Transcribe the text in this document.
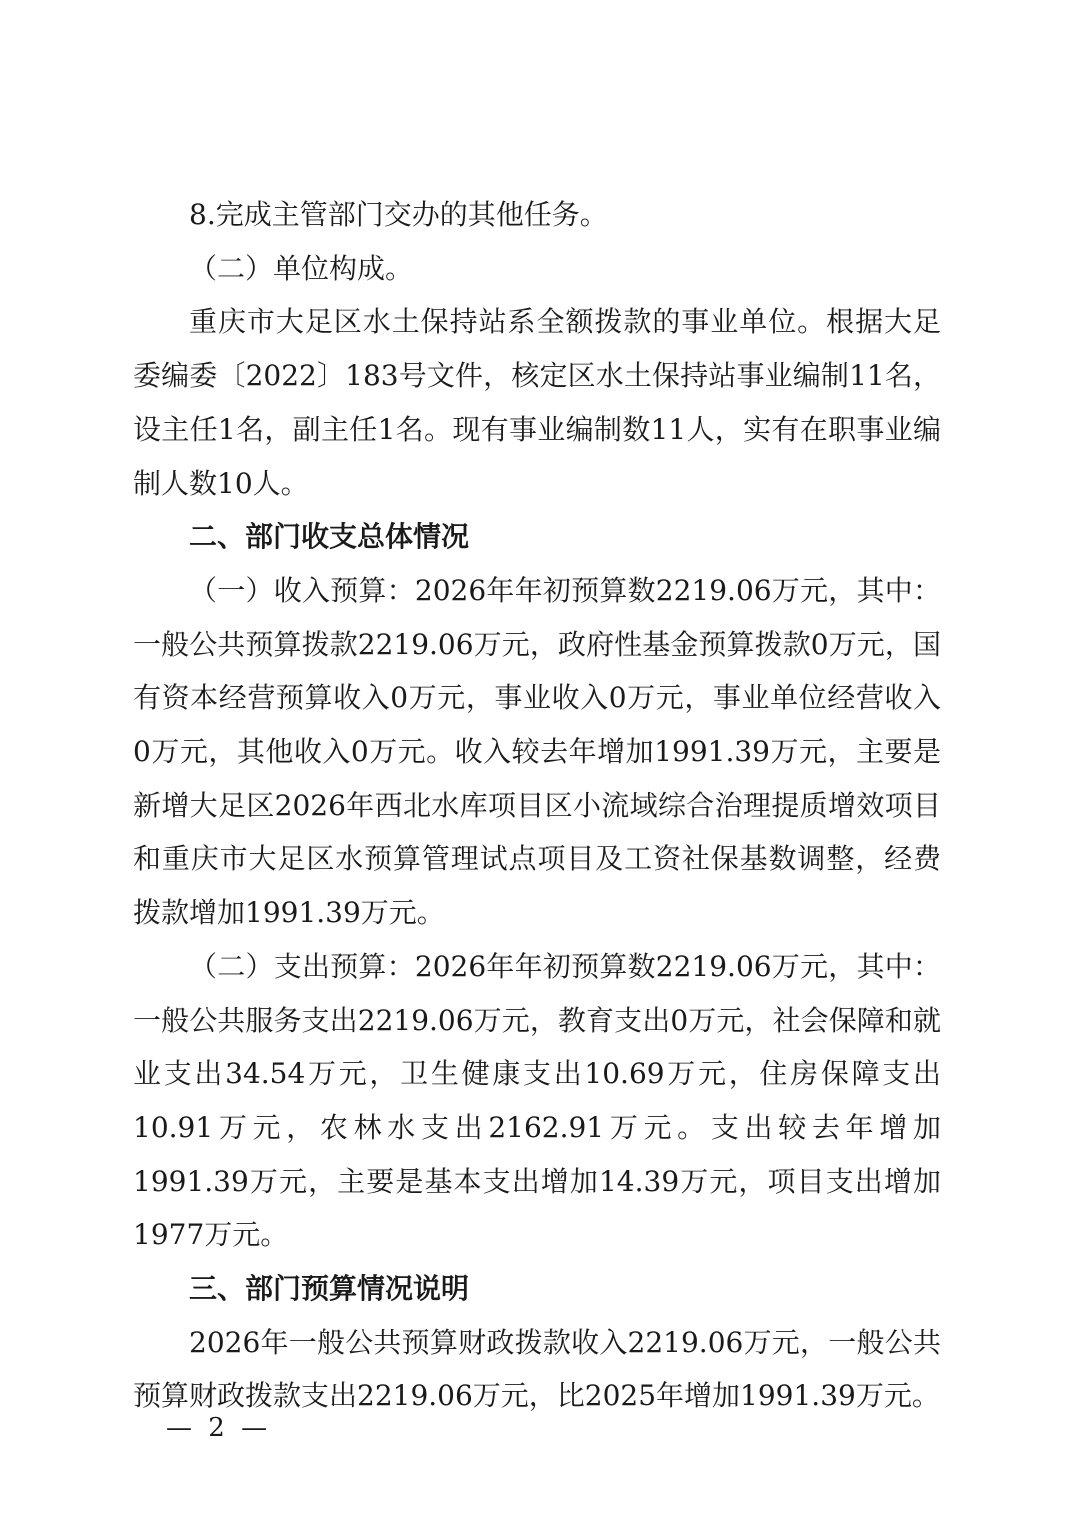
8.完成主管部门交办的其他任务。

（二）单位构成。

重庆市大足区水土保持站系全额拨款的事业单位。根据大足委编委〔2022〕183号文件，核定区水土保持站事业编制11名，设主任1名，副主任1名。现有事业编制数11人，实有在职事业编制人数10人。

二、部门收支总体情况

（一）收入预算：2026年年初预算数2219.06万元，其中：一般公共预算拨款2219.06万元，政府性基金预算拨款0万元，国有资本经营预算收入0万元，事业收入0万元，事业单位经营收入0万元，其他收入0万元。收入较去年增加1991.39万元，主要是新增大足区2026年西北水库项目区小流域综合治理提质增效项目和重庆市大足区水预算管理试点项目及工资社保基数调整，经费拨款增加1991.39万元。

（二）支出预算：2026年年初预算数2219.06万元，其中：一般公共服务支出2219.06万元，教育支出0万元，社会保障和就业支出34.54万元，卫生健康支出10.69万元，住房保障支出10.91万元，农林水支出2162.91万元。支出较去年增加1991.39万元，主要是基本支出增加14.39万元，项目支出增加1977万元。

三、部门预算情况说明

2026年一般公共预算财政拨款收入2219.06万元，一般公共预算财政拨款支出2219.06万元，比2025年增加1991.39万元。

— 2 —
